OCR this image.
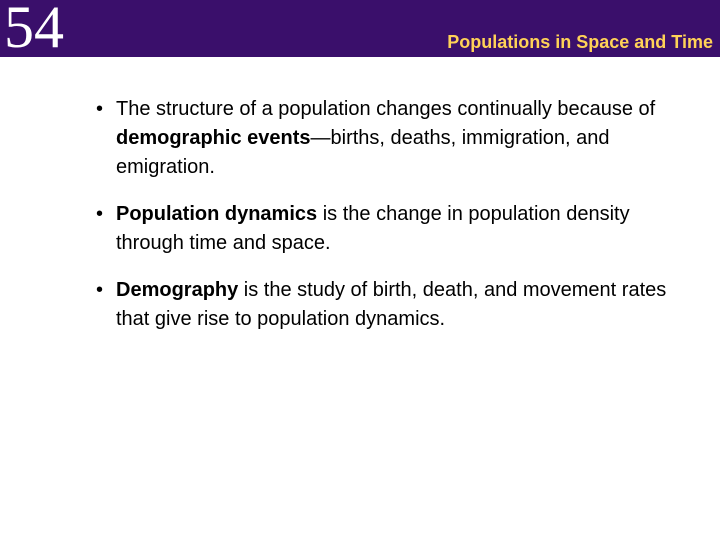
54	Populations in Space and Time
• The structure of a population changes continually because of demographic events—births, deaths, immigration, and emigration.
• Population dynamics is the change in population density through time and space.
• Demography is the study of birth, death, and movement rates that give rise to population dynamics.
